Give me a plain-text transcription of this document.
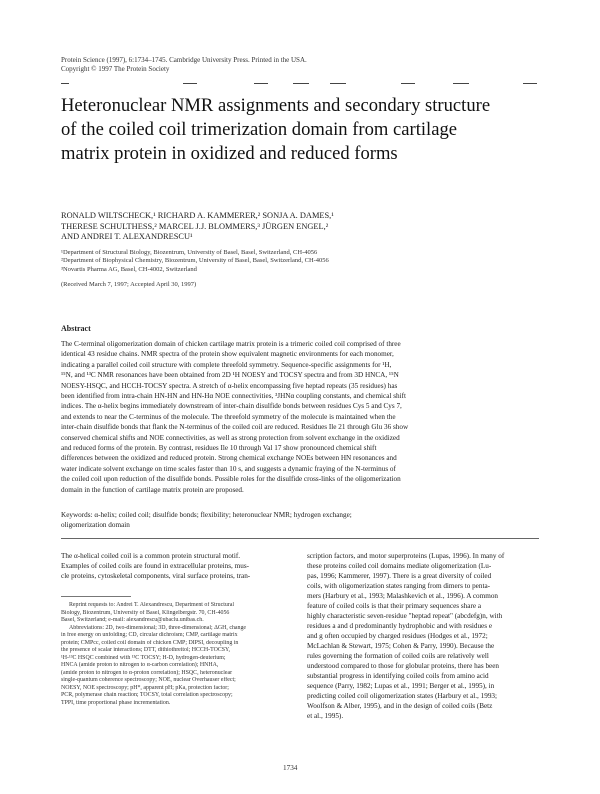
Protein Science (1997), 6:1734–1745. Cambridge University Press. Printed in the USA.
Copyright © 1997 The Protein Society
Heteronuclear NMR assignments and secondary structure
of the coiled coil trimerization domain from cartilage
matrix protein in oxidized and reduced forms
RONALD WILTSCHECK,¹ RICHARD A. KAMMERER,² SONJA A. DAMES,¹
THERESE SCHULTHESS,² MARCEL J.J. BLOMMERS,³ JÜRGEN ENGEL,²
AND ANDREI T. ALEXANDRESCU¹
¹Department of Structural Biology, Biozentrum, University of Basel, Basel, Switzerland, CH-4056
²Department of Biophysical Chemistry, Biozentrum, University of Basel, Basel, Switzerland, CH-4056
³Novartis Pharma AG, Basel, CH-4002, Switzerland
(Received March 7, 1997; Accepted April 30, 1997)
Abstract
The C-terminal oligomerization domain of chicken cartilage matrix protein is a trimeric coiled coil comprised of three
identical 43 residue chains. NMR spectra of the protein show equivalent magnetic environments for each monomer,
indicating a parallel coiled coil structure with complete threefold symmetry. Sequence-specific assignments for ¹H,
¹⁵N, and ¹³C NMR resonances have been obtained from 2D ¹H NOESY and TOCSY spectra and from 3D HNCA, ¹⁵N
NOESY-HSQC, and HCCH-TOCSY spectra. A stretch of α-helix encompassing five heptad repeats (35 residues) has
been identified from intra-chain HN-HN and HN-Hα NOE connectivities, ³JHNα coupling constants, and chemical shift
indices. The α-helix begins immediately downstream of inter-chain disulfide bonds between residues Cys 5 and Cys 7,
and extends to near the C-terminus of the molecule. The threefold symmetry of the molecule is maintained when the
inter-chain disulfide bonds that flank the N-terminus of the coiled coil are reduced. Residues Ile 21 through Glu 36 show
conserved chemical shifts and NOE connectivities, as well as strong protection from solvent exchange in the oxidized
and reduced forms of the protein. By contrast, residues Ile 10 through Val 17 show pronounced chemical shift
differences between the oxidized and reduced protein. Strong chemical exchange NOEs between HN resonances and
water indicate solvent exchange on time scales faster than 10 s, and suggests a dynamic fraying of the N-terminus of
the coiled coil upon reduction of the disulfide bonds. Possible roles for the disulfide cross-links of the oligomerization
domain in the function of cartilage matrix protein are proposed.
Keywords: α-helix; coiled coil; disulfide bonds; flexibility; heteronuclear NMR; hydrogen exchange;
oligomerization domain
The α-helical coiled coil is a common protein structural motif.
Examples of coiled coils are found in extracellular proteins, mus-
cle proteins, cytoskeletal components, viral surface proteins, tran-
Reprint requests to: Andrei T. Alexandrescu, Department of Structural
Biology, Biozentrum, University of Basel, Klingelbergstr. 70, CH-4056
Basel, Switzerland; e-mail: alexandrescu@ubaclu.unibas.ch.
Abbreviations: 2D, two-dimensional; 3D, three-dimensional; ΔGH, change
in free energy on unfolding; CD, circular dichroism; CMP, cartilage matrix
protein; CMPcc, coiled coil domain of chicken CMP; DIPSI, decoupling in
the presence of scalar interactions; DTT, dithiothreitol; HCCH-TOCSY,
¹H-¹³C HSQC combined with ¹³C TOCSY; H-D, hydrogen-deuterium;
HNCA (amide proton to nitrogen to α-carbon correlation); HNHA,
(amide proton to nitrogen to α-proton correlation); HSQC, heteronuclear
single-quantum coherence spectroscopy; NOE, nuclear Overhauser effect;
NOESY, NOE spectroscopy; pH*, apparent pH; pKa, protection factor;
PCR, polymerase chain reaction; TOCSY, total correlation spectroscopy;
TPPI, time proportional phase incrementation.
scription factors, and motor superproteins (Lupas, 1996). In many of
these proteins coiled coil domains mediate oligomerization (Lu-
pas, 1996; Kammerer, 1997). There is a great diversity of coiled
coils, with oligomerization states ranging from dimers to penta-
mers (Harbury et al., 1993; Malashkevich et al., 1996). A common
feature of coiled coils is that their primary sequences share a
highly characteristic seven-residue "heptad repeat" (abcdefg)n, with
residues a and d predominantly hydrophobic and with residues e
and g often occupied by charged residues (Hodges et al., 1972;
McLachlan & Stewart, 1975; Cohen & Parry, 1990). Because the
rules governing the formation of coiled coils are relatively well
understood compared to those for globular proteins, there has been
substantial progress in identifying coiled coils from amino acid
sequence (Parry, 1982; Lupas et al., 1991; Berger et al., 1995), in
predicting coiled coil oligomerization states (Harbury et al., 1993;
Woolfson & Alber, 1995), and in the design of coiled coils (Betz
et al., 1995).
1734
